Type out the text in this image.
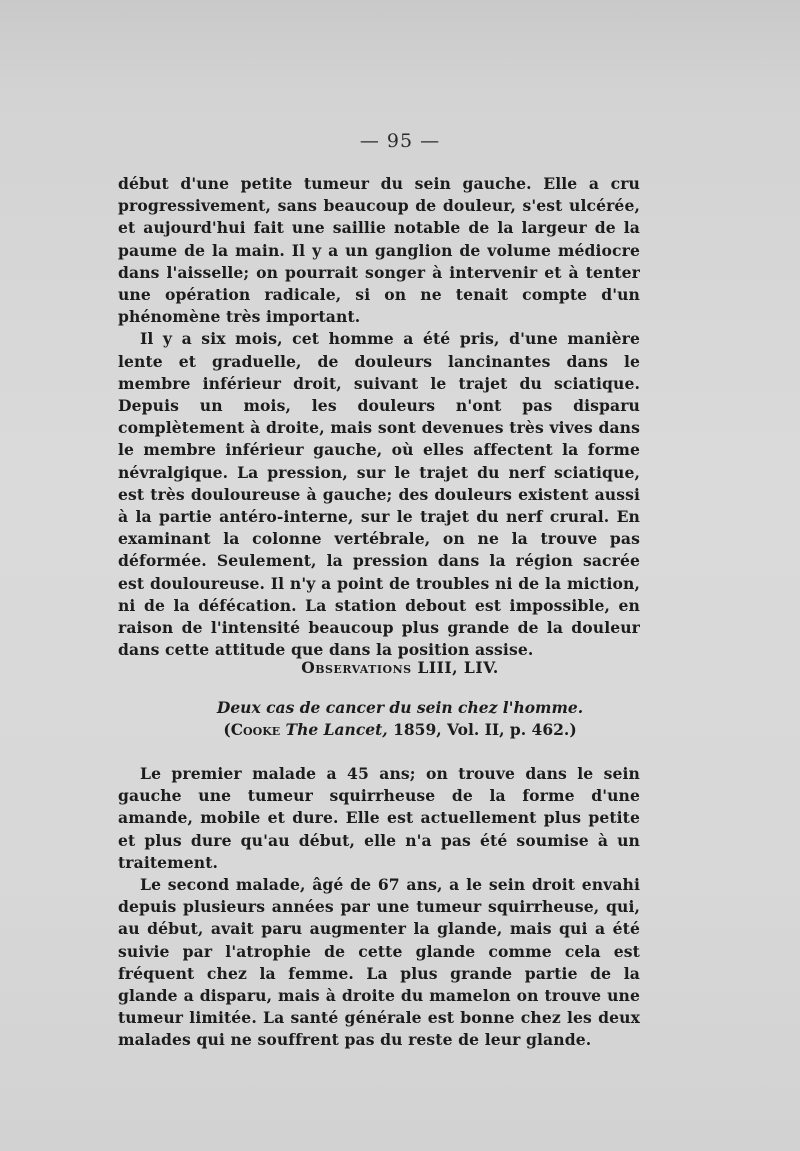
— 95 —

début d'une petite tumeur du sein gauche. Elle a cru progressivement, sans beaucoup de douleur, s'est ulcérée, et aujourd'hui fait une saillie notable de la largeur de la paume de la main. Il y a un ganglion de volume médiocre dans l'aisselle; on pourrait songer à intervenir et à tenter une opération radicale, si on ne tenait compte d'un phénomène très important.

Il y a six mois, cet homme a été pris, d'une manière lente et graduelle, de douleurs lancinantes dans le membre inférieur droit, suivant le trajet du sciatique. Depuis un mois, les douleurs n'ont pas disparu complètement à droite, mais sont devenues très vives dans le membre inférieur gauche, où elles affectent la forme névralgique. La pression, sur le trajet du nerf sciatique, est très douloureuse à gauche; des douleurs existent aussi à la partie antéro-interne, sur le trajet du nerf crural. En examinant la colonne vertébrale, on ne la trouve pas déformée. Seulement, la pression dans la région sacrée est douloureuse. Il n'y a point de troubles ni de la miction, ni de la défécation. La station debout est impossible, en raison de l'intensité beaucoup plus grande de la douleur dans cette attitude que dans la position assise.

Observations LIII, LIV.
Deux cas de cancer du sein chez l'homme.
(Cooke The Lancet, 1859, Vol. II, p. 462.)

Le premier malade a 45 ans; on trouve dans le sein gauche une tumeur squirrheuse de la forme d'une amande, mobile et dure. Elle est actuellement plus petite et plus dure qu'au début, elle n'a pas été soumise à un traitement.

Le second malade, âgé de 67 ans, a le sein droit envahi depuis plusieurs années par une tumeur squirrheuse, qui, au début, avait paru augmenter la glande, mais qui a été suivie par l'atrophie de cette glande comme cela est fréquent chez la femme. La plus grande partie de la glande a disparu, mais à droite du mamelon on trouve une tumeur limitée. La santé générale est bonne chez les deux malades qui ne souffrent pas du reste de leur glande.
